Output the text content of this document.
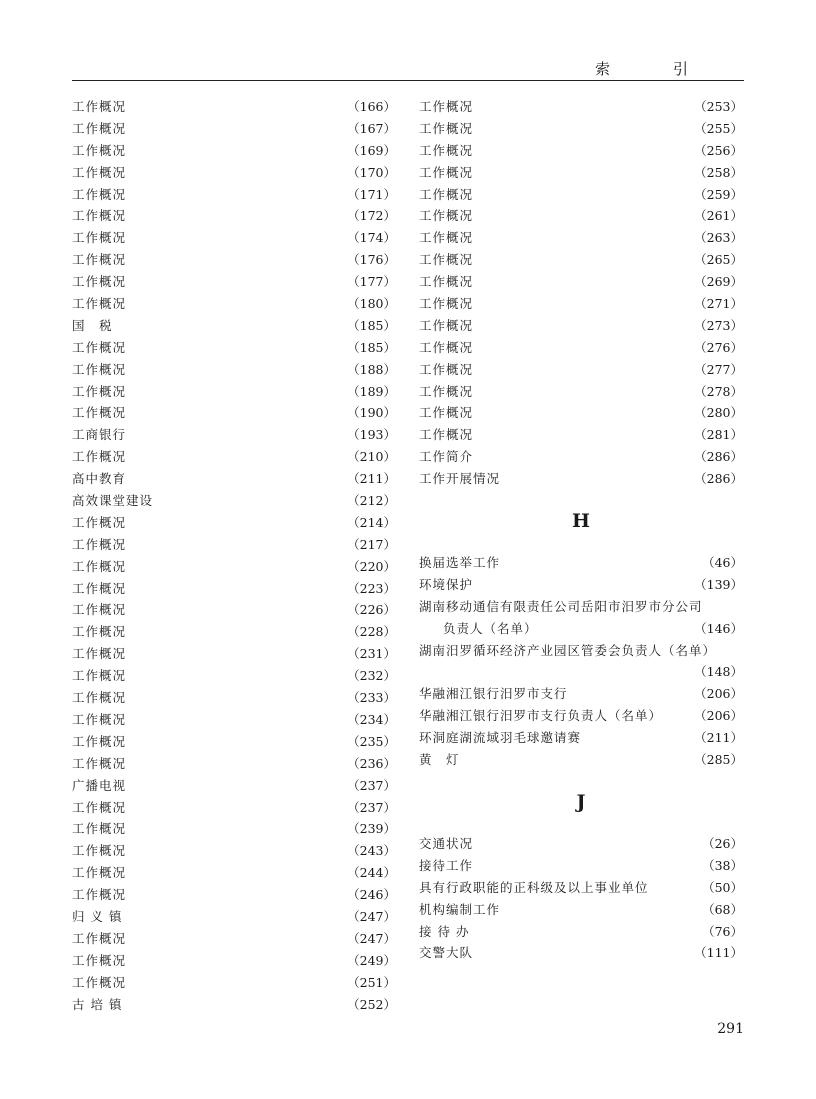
索　引
工作概况	（166）
工作概况	（167）
工作概况	（169）
工作概况	（170）
工作概况	（171）
工作概况	（172）
工作概况	（174）
工作概况	（176）
工作概况	（177）
工作概况	（180）
国　税	（185）
工作概况	（185）
工作概况	（188）
工作概况	（189）
工作概况	（190）
工商银行	（193）
工作概况	（210）
高中教育	（211）
高效课堂建设	（212）
工作概况	（214）
工作概况	（217）
工作概况	（220）
工作概况	（223）
工作概况	（226）
工作概况	（228）
工作概况	（231）
工作概况	（232）
工作概况	（233）
工作概况	（234）
工作概况	（235）
工作概况	（236）
广播电视	（237）
工作概况	（237）
工作概况	（239）
工作概况	（243）
工作概况	（244）
工作概况	（246）
归 义 镇	（247）
工作概况	（247）
工作概况	（249）
工作概况	（251）
古 培 镇	（252）
工作概况	（253）
工作概况	（255）
工作概况	（256）
工作概况	（258）
工作概况	（259）
工作概况	（261）
工作概况	（263）
工作概况	（265）
工作概况	（269）
工作概况	（271）
工作概况	（273）
工作概况	（276）
工作概况	（277）
工作概况	（278）
工作概况	（280）
工作概况	（281）
工作简介	（286）
工作开展情况	（286）
H
换届选举工作	（46）
环境保护	（139）
湖南移动通信有限责任公司岳阳市汨罗市分公司
负责人（名单）	（146）
湖南汨罗循环经济产业园区管委会负责人（名单）
（148）
华融湘江银行汨罗市支行	（206）
华融湘江银行汨罗市支行负责人（名单）	（206）
环洞庭湖流域羽毛球邀请赛	（211）
黄　灯	（285）
J
交通状况	（26）
接待工作	（38）
具有行政职能的正科级及以上事业单位	（50）
机构编制工作	（68）
接 待 办	（76）
交警大队	（111）
291
